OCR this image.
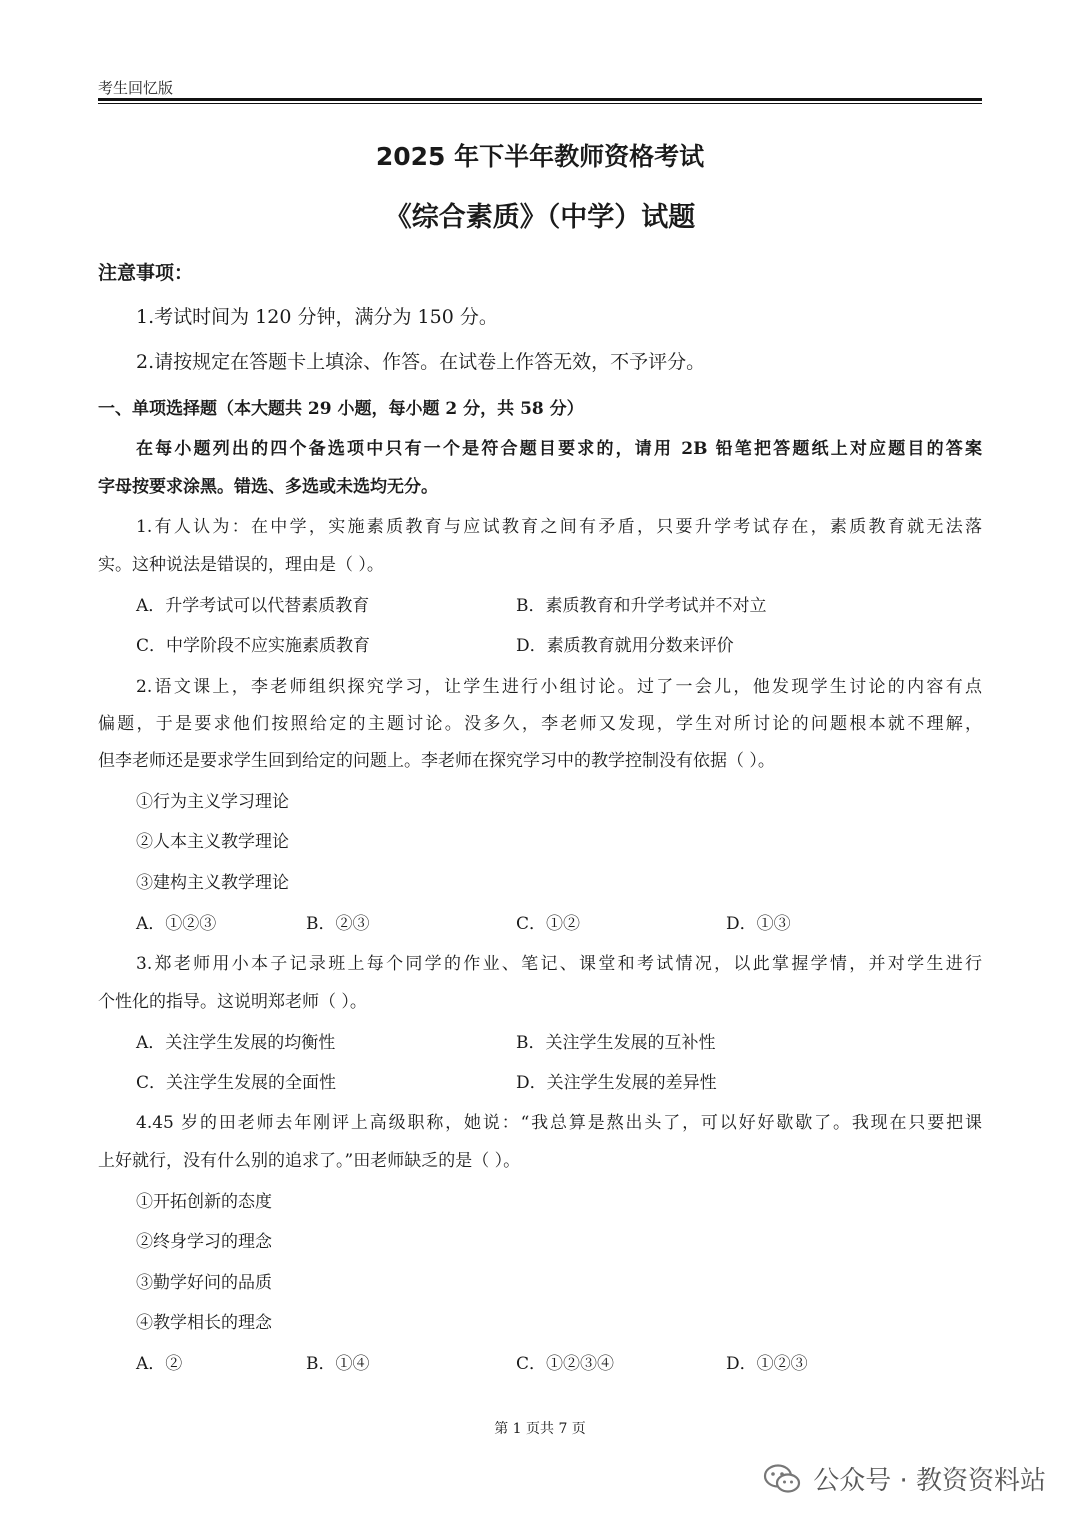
考生回忆版
2025 年下半年教师资格考试
《综合素质》（中学）试题
注意事项：
1.考试时间为 120 分钟，满分为 150 分。
2.请按规定在答题卡上填涂、作答。在试卷上作答无效，不予评分。
一、单项选择题（本大题共 29 小题，每小题 2 分，共 58 分）
在每小题列出的四个备选项中只有一个是符合题目要求的，请用 2B 铅笔把答题纸上对应题目的答案
字母按要求涂黑。错选、多选或未选均无分。
1.有人认为：在中学，实施素质教育与应试教育之间有矛盾，只要升学考试存在，素质教育就无法落
实。这种说法是错误的，理由是（ ）。
A．升学考试可以代替素质教育	B．素质教育和升学考试并不对立
C．中学阶段不应实施素质教育	D．素质教育就用分数来评价
2.语文课上，李老师组织探究学习，让学生进行小组讨论。过了一会儿，他发现学生讨论的内容有点
偏题，于是要求他们按照给定的主题讨论。没多久，李老师又发现，学生对所讨论的问题根本就不理解，
但李老师还是要求学生回到给定的问题上。李老师在探究学习中的教学控制没有依据（ ）。
①行为主义学习理论
②人本主义教学理论
③建构主义教学理论
A．①②③	B．②③	C．①②	D．①③
3.郑老师用小本子记录班上每个同学的作业、笔记、课堂和考试情况，以此掌握学情，并对学生进行
个性化的指导。这说明郑老师（ ）。
A．关注学生发展的均衡性	B．关注学生发展的互补性
C．关注学生发展的全面性	D．关注学生发展的差异性
4.45 岁的田老师去年刚评上高级职称，她说：“我总算是熬出头了，可以好好歇歇了。我现在只要把课
上好就行，没有什么别的追求了。”田老师缺乏的是（ ）。
①开拓创新的态度
②终身学习的理念
③勤学好问的品质
④教学相长的理念
A．②	B．①④	C．①②③④	D．①②③
第 1 页共 7 页
公众号 · 教资资料站
